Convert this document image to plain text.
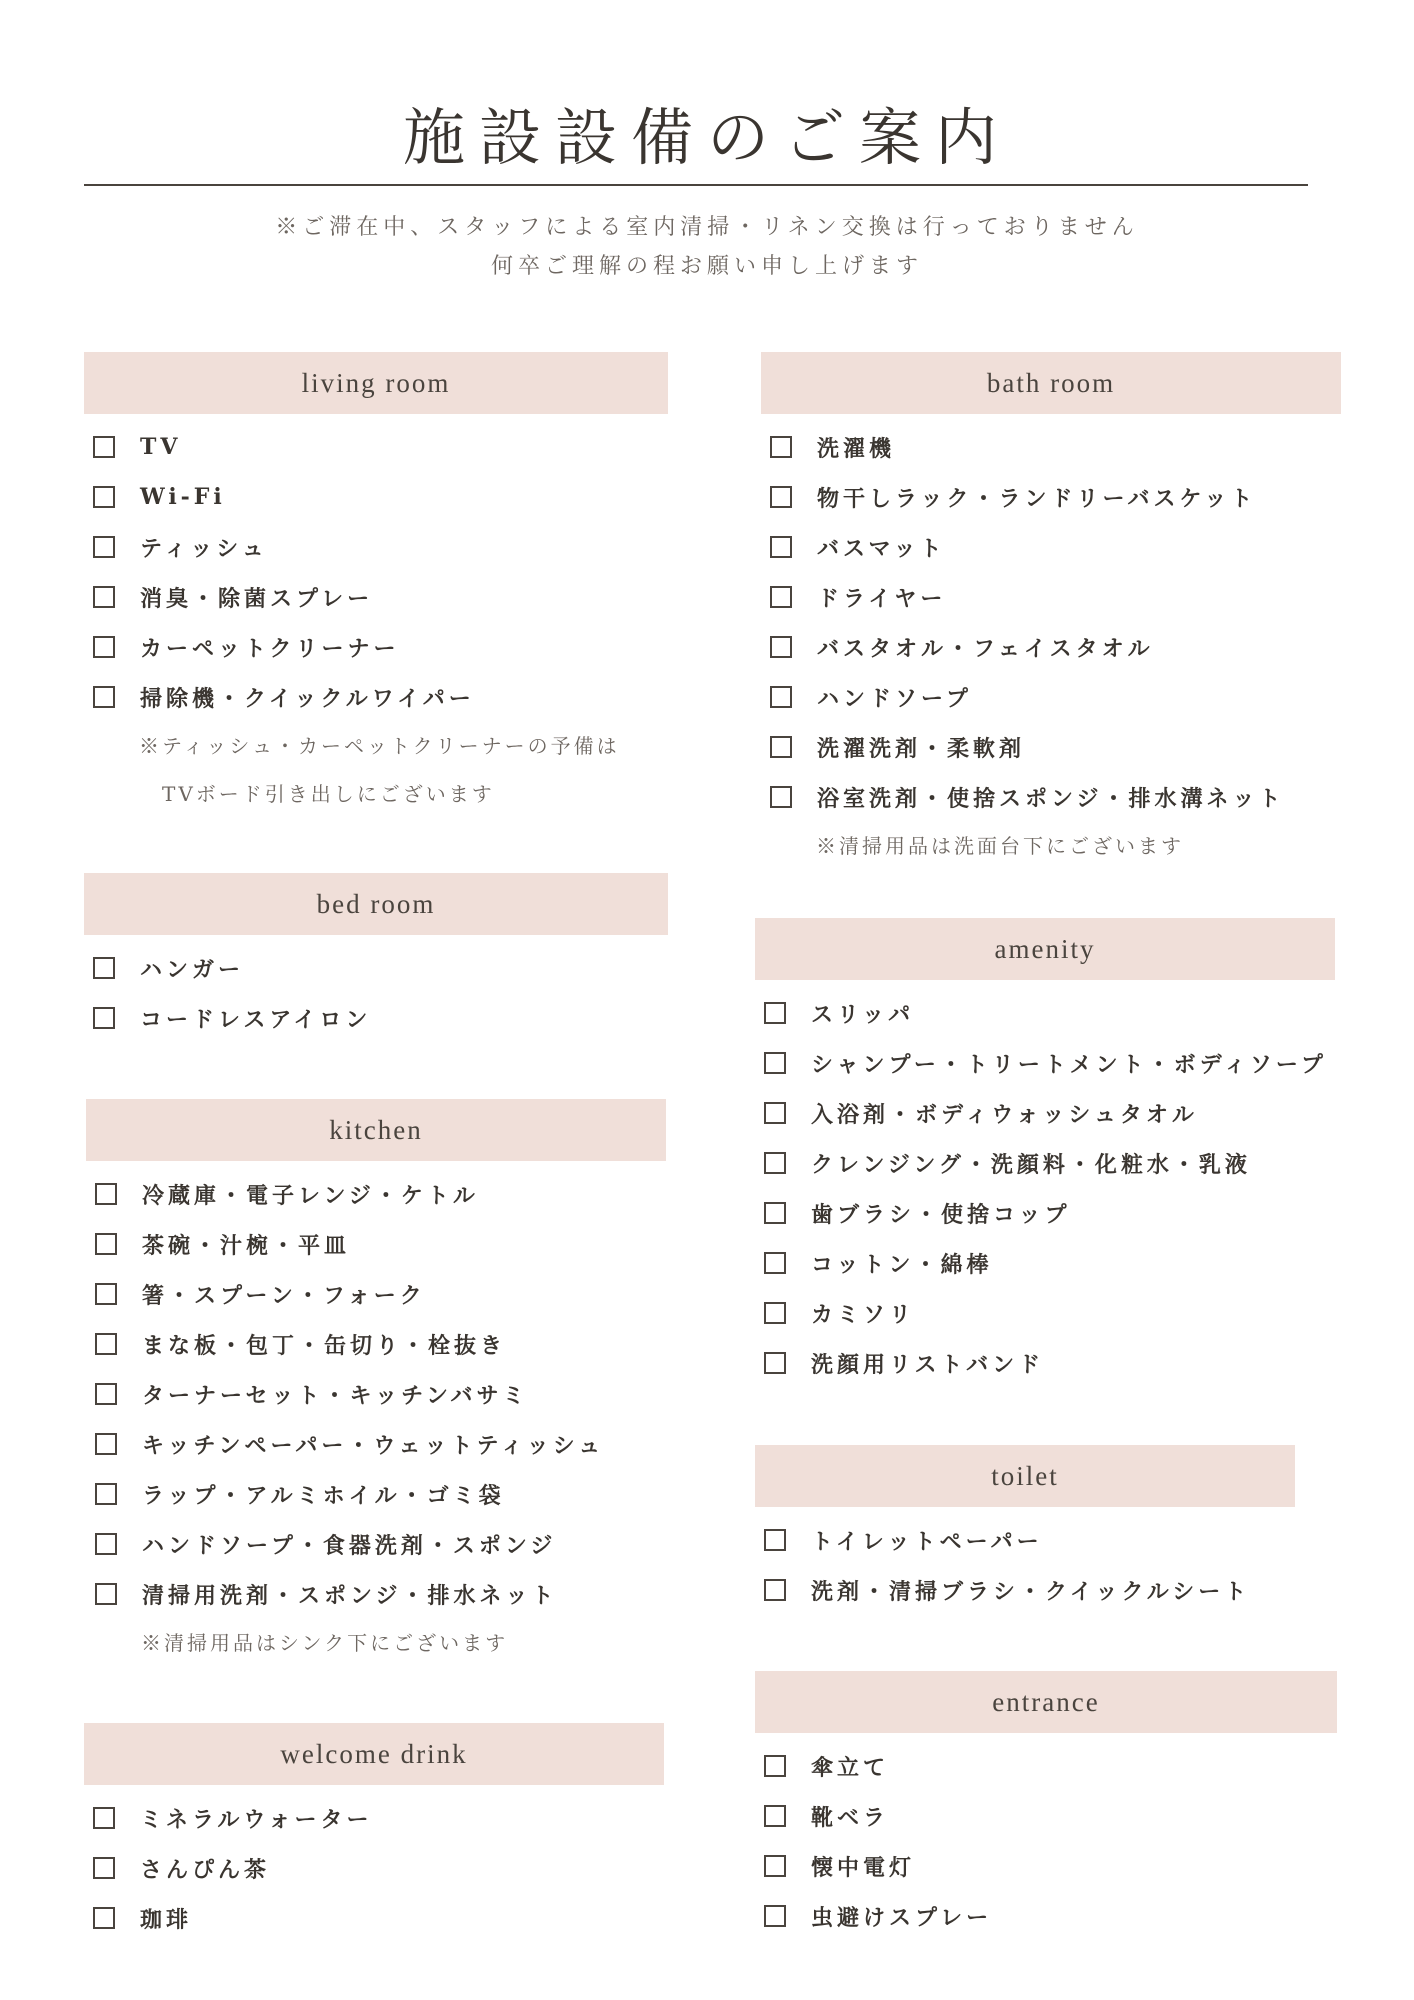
施設設備のご案内
※ご滞在中、スタッフによる室内清掃・リネン交換は行っておりません
何卒ご理解の程お願い申し上げます
living room
TV
Wi-Fi
ティッシュ
消臭・除菌スプレー
カーペットクリーナー
掃除機・クイックルワイパー
※ティッシュ・カーペットクリーナーの予備は
TVボード引き出しにございます
bed room
ハンガー
コードレスアイロン
kitchen
冷蔵庫・電子レンジ・ケトル
茶碗・汁椀・平皿
箸・スプーン・フォーク
まな板・包丁・缶切り・栓抜き
ターナーセット・キッチンバサミ
キッチンペーパー・ウェットティッシュ
ラップ・アルミホイル・ゴミ袋
ハンドソープ・食器洗剤・スポンジ
清掃用洗剤・スポンジ・排水ネット
※清掃用品はシンク下にございます
welcome drink
ミネラルウォーター
さんぴん茶
珈琲
bath room
洗濯機
物干しラック・ランドリーバスケット
バスマット
ドライヤー
バスタオル・フェイスタオル
ハンドソープ
洗濯洗剤・柔軟剤
浴室洗剤・使捨スポンジ・排水溝ネット
※清掃用品は洗面台下にございます
amenity
スリッパ
シャンプー・トリートメント・ボディソープ
入浴剤・ボディウォッシュタオル
クレンジング・洗顔料・化粧水・乳液
歯ブラシ・使捨コップ
コットン・綿棒
カミソリ
洗顔用リストバンド
toilet
トイレットペーパー
洗剤・清掃ブラシ・クイックルシート
entrance
傘立て
靴ベラ
懐中電灯
虫避けスプレー
